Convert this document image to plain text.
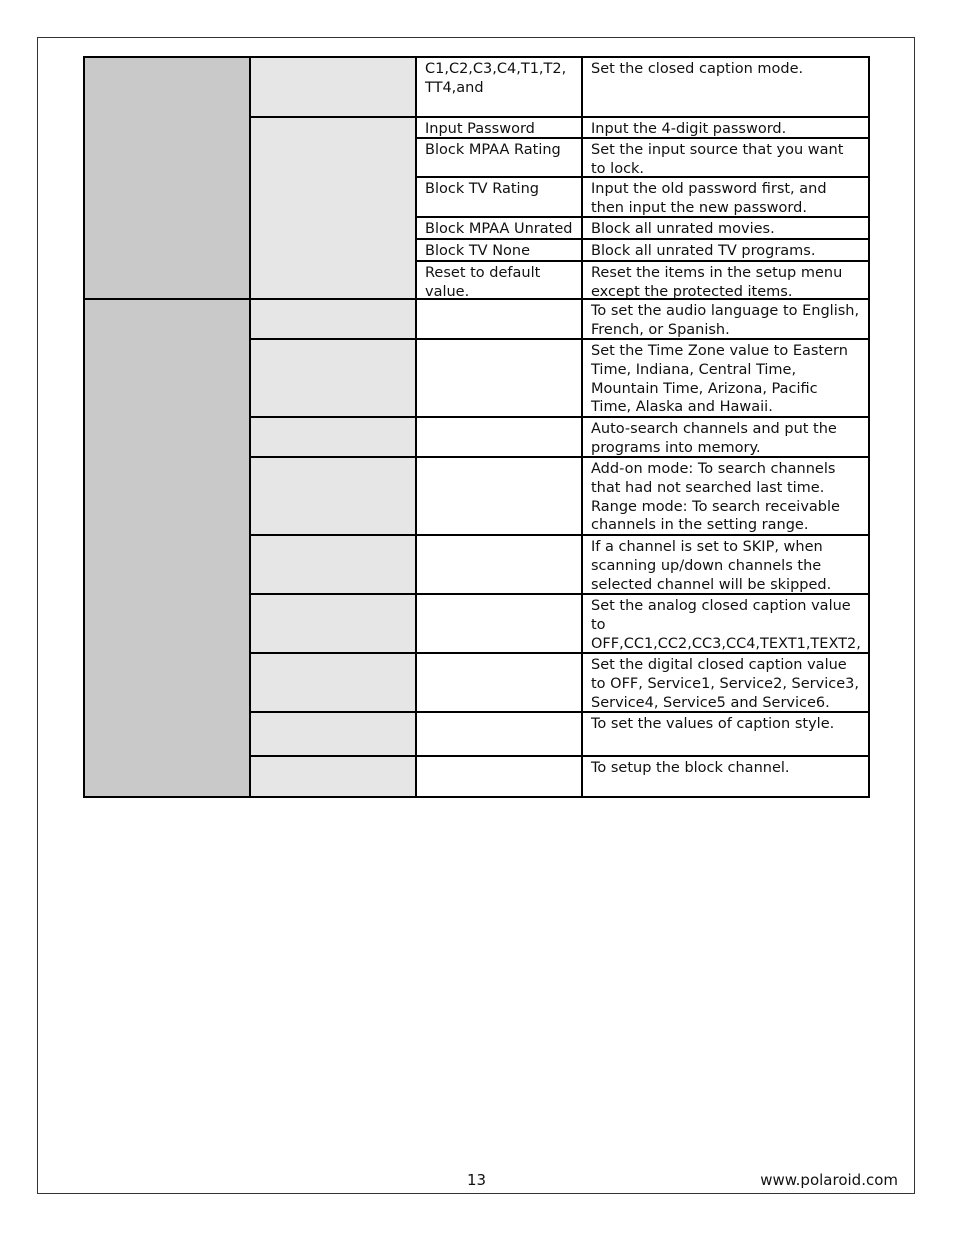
C1,C2,C3,C4,T1,T2,
TT4,and
Input Password
Block MPAA Rating
Block TV Rating
Block MPAA Unrated
Block TV None
Reset to default
value.
Set the closed caption mode.
Input the 4-digit password.
Set the input source that you want to lock.
Input the old password first, and then input the new password.
Block all unrated movies.
Block all unrated TV programs.
Reset the items in the setup menu except the protected items.
To set the audio language to English, French, or Spanish.
Set the Time Zone value to Eastern Time, Indiana, Central Time, Mountain Time, Arizona, Pacific Time, Alaska and Hawaii.
Auto-search channels and put the programs into memory.
Add-on mode: To search channels that had not searched last time.
Range mode: To search receivable channels in the setting range.
If a channel is set to SKIP, when scanning up/down channels the selected channel will be skipped.
Set the analog closed caption value to OFF,CC1,CC2,CC3,CC4,TEXT1,TEXT2,
Set the digital closed caption value to OFF, Service1, Service2, Service3, Service4, Service5 and Service6.
To set the values of caption style.
To setup the block channel.
13	www.polaroid.com
